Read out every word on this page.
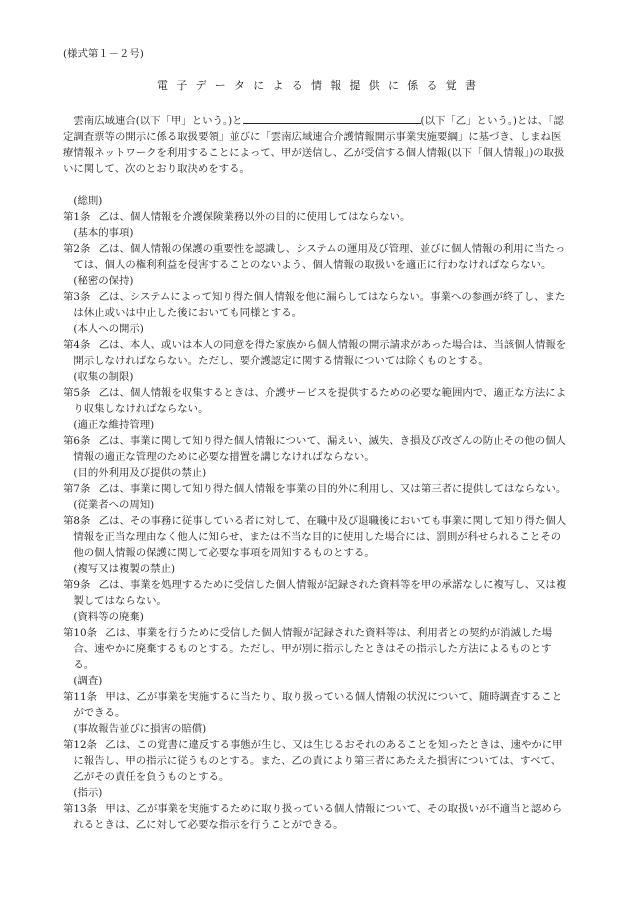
(様式第１－２号)

電子データによる情報提供に係る覚書

雲南広域連合(以下「甲」という。)と	(以下「乙」という。)とは、「認定調査票等の開示に係る取扱要領」並びに「雲南広域連合介護情報開示事業実施要綱」に基づき、しまね医療情報ネットワークを利用することによって、甲が送信し、乙が受信する個人情報(以下「個人情報」)の取扱いに関して、次のとおり取決めをする。

(総則)

第1条 乙は、個人情報を介護保険業務以外の目的に使用してはならない。

(基本的事項)

第2条 乙は、個人情報の保護の重要性を認識し、システムの運用及び管理、並びに個人情報の利用に当たっては、個人の権利利益を侵害することのないよう、個人情報の取扱いを適正に行わなければならない。

(秘密の保持)

第3条 乙は、システムによって知り得た個人情報を他に漏らしてはならない。事業への参画が終了し、または休止或いは中止した後においても同様とする。

(本人への開示)

第4条 乙は、本人、或いは本人の同意を得た家族から個人情報の開示請求があった場合は、当該個人情報を開示しなければならない。ただし、要介護認定に関する情報については除くものとする。

(収集の制限)

第5条 乙は、個人情報を収集するときは、介護サービスを提供するための必要な範囲内で、適正な方法により収集しなければならない。

(適正な維持管理)

第6条 乙は、事業に関して知り得た個人情報について、漏えい、滅失、き損及び改ざんの防止その他の個人情報の適正な管理のために必要な措置を講じなければならない。

(目的外利用及び提供の禁止)

第7条 乙は、事業に関して知り得た個人情報を事業の目的外に利用し、又は第三者に提供してはならない。

(従業者への周知)

第8条 乙は、その事務に従事している者に対して、在職中及び退職後においても事業に関して知り得た個人情報を正当な理由なく他人に知らせ、または不当な目的に使用した場合には、罰則が科せられることその他の個人情報の保護に関して必要な事項を周知するものとする。

(複写又は複製の禁止)

第9条 乙は、事業を処理するために受信した個人情報が記録された資料等を甲の承諾なしに複写し、又は複製してはならない。

(資料等の廃棄)

第10条 乙は、事業を行うために受信した個人情報が記録された資料等は、利用者との契約が消滅した場合、速やかに廃棄するものとする。ただし、甲が別に指示したときはその指示した方法によるものとする。

(調査)

第11条 甲は、乙が事業を実施するに当たり、取り扱っている個人情報の状況について、随時調査することができる。

(事故報告並びに損害の賠償)

第12条 乙は、この覚書に違反する事態が生じ、又は生じるおそれのあることを知ったときは、速やかに甲に報告し、甲の指示に従うものとする。また、乙の責により第三者にあたえた損害については、すべて、乙がその責任を負うものとする。

(指示)

第13条 甲は、乙が事業を実施するために取り扱っている個人情報について、その取扱いが不適当と認められるときは、乙に対して必要な指示を行うことができる。
